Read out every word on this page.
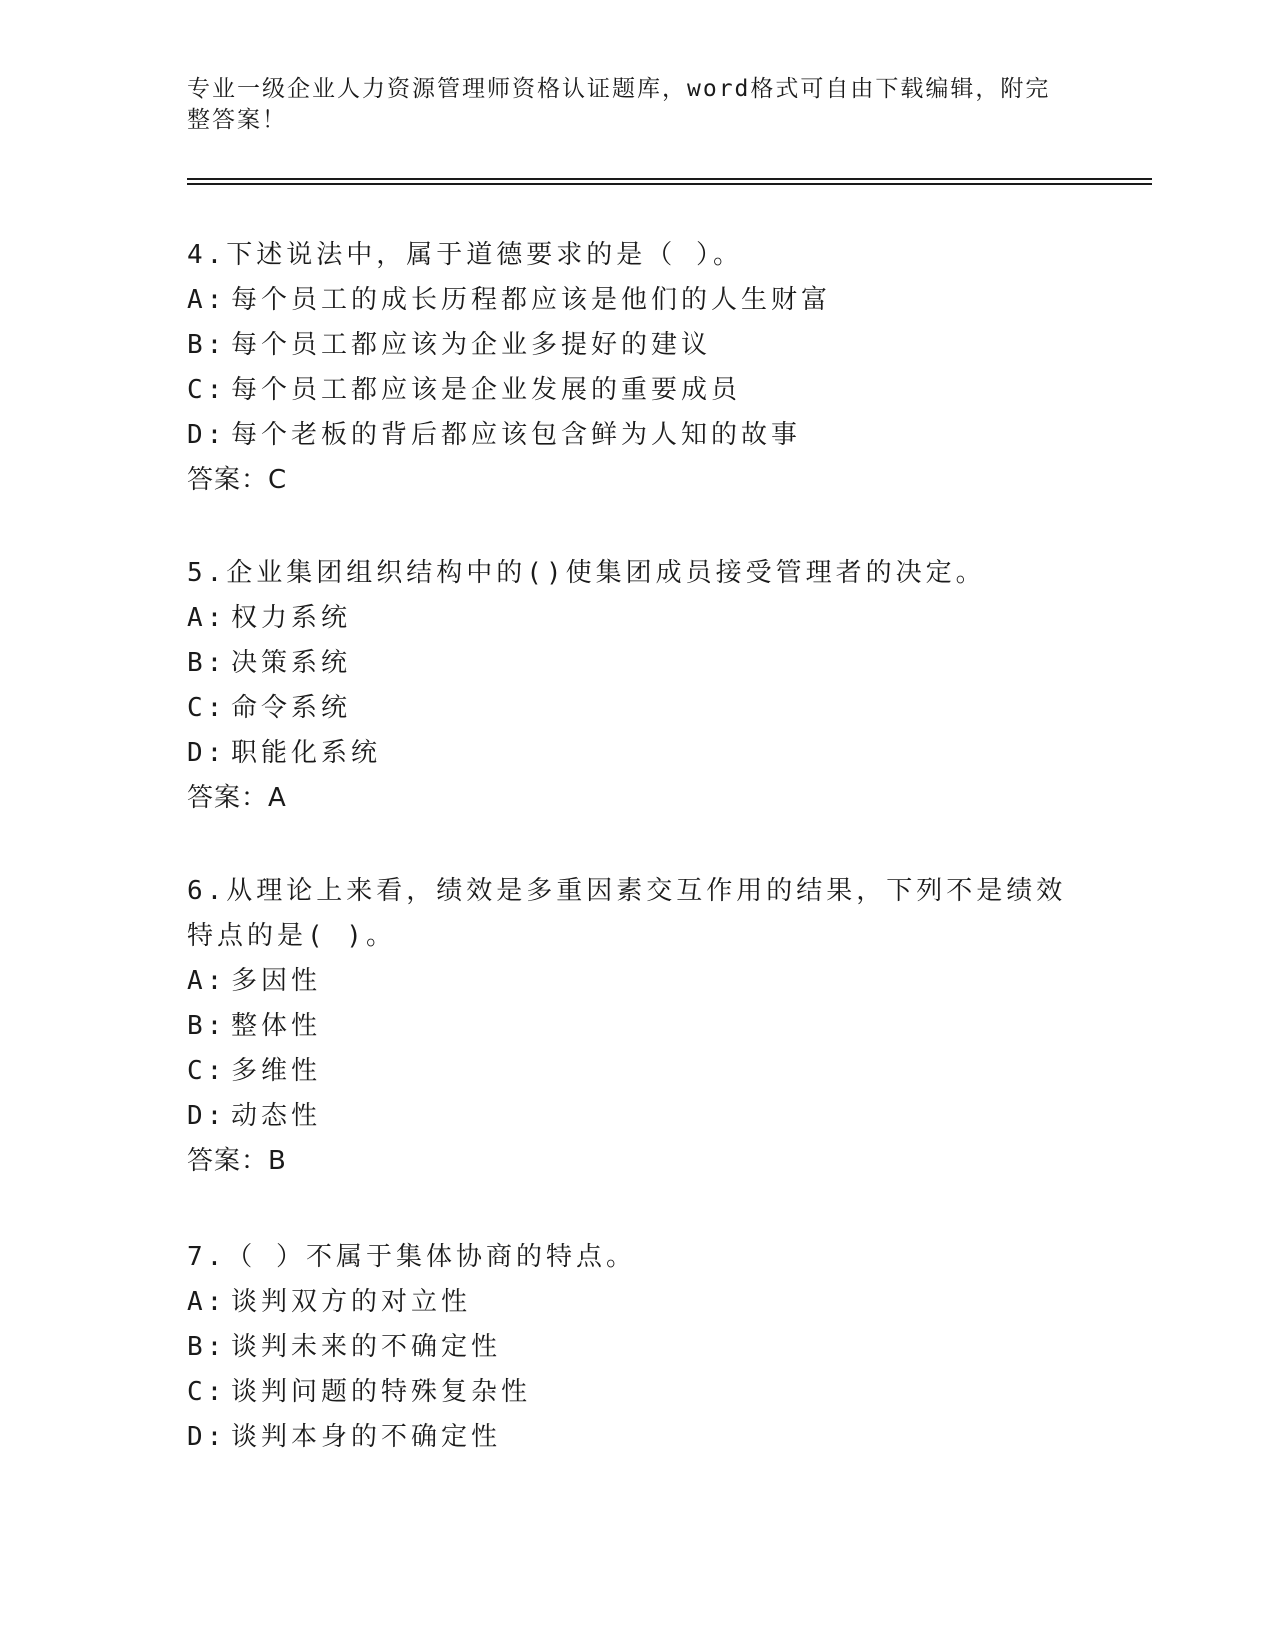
专业一级企业人力资源管理师资格认证题库，word格式可自由下载编辑，附完整答案！
4.下述说法中，属于道德要求的是（ ）。
A: 每个员工的成长历程都应该是他们的人生财富
B: 每个员工都应该为企业多提好的建议
C: 每个员工都应该是企业发展的重要成员
D: 每个老板的背后都应该包含鲜为人知的故事
答案：C
5.企业集团组织结构中的()使集团成员接受管理者的决定。
A: 权力系统
B: 决策系统
C: 命令系统
D: 职能化系统
答案：A
6.从理论上来看，绩效是多重因素交互作用的结果，下列不是绩效特点的是( )。
A: 多因性
B: 整体性
C: 多维性
D: 动态性
答案：B
7.（ ）不属于集体协商的特点。
A: 谈判双方的对立性
B: 谈判未来的不确定性
C: 谈判问题的特殊复杂性
D: 谈判本身的不确定性
